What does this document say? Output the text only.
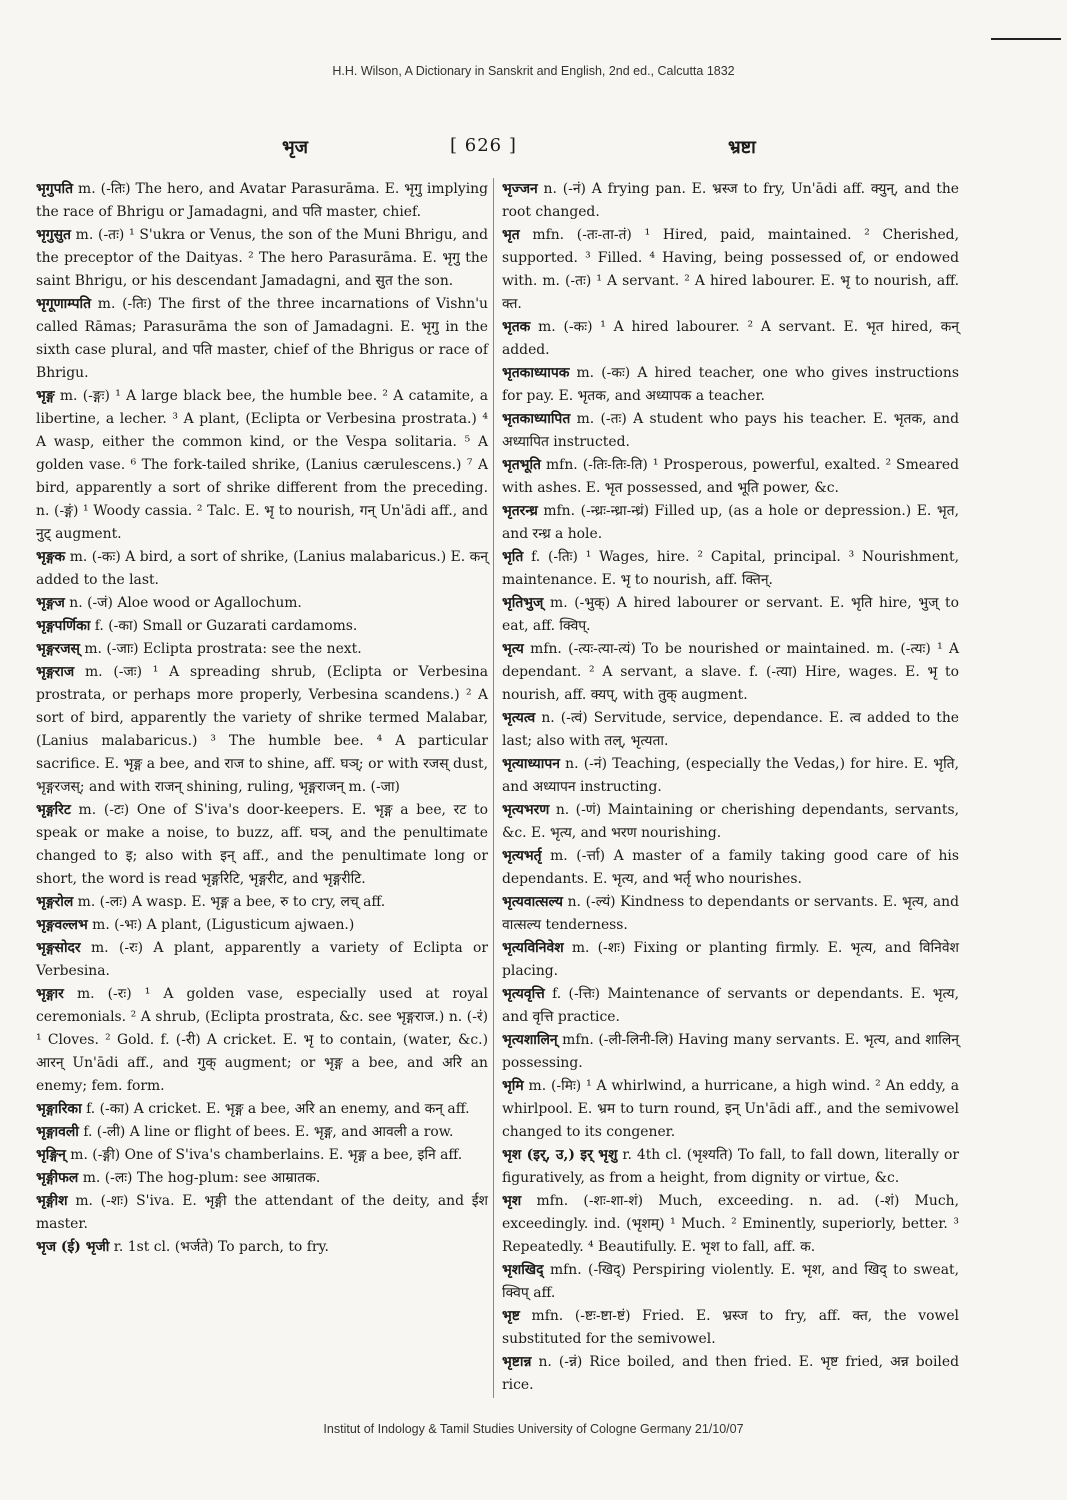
H.H. Wilson, A Dictionary in Sanskrit and English, 2nd ed., Calcutta 1832
भृज	[ 626 ]	भ्रष्टा

भृगुपति m. (-तिः) The hero, and Avatar Parasurāma. E. भृगु implying the race of Bhrigu or Jamadagni, and पति master, chief.

भृगुसुत m. (-तः) ¹ S'ukra or Venus, the son of the Muni Bhrigu, and the preceptor of the Daityas. ² The hero Parasurāma. E. भृगु the saint Bhrigu, or his descendant Jamadagni, and सुत the son.

भृगूणाम्पति m. (-तिः) The first of the three incarnations of Vishn'u called Rāmas; Parasurāma the son of Jamadagni. E. भृगु in the sixth case plural, and पति master, chief of the Bhrigus or race of Bhrigu.

भृङ्ग m. (-ङ्गः) ¹ A large black bee, the humble bee. ² A catamite, a libertine, a lecher. ³ A plant, (Eclipta or Verbesina prostrata.) ⁴ A wasp, either the common kind, or the Vespa solitaria. ⁵ A golden vase. ⁶ The fork-tailed shrike, (Lanius cærulescens.) ⁷ A bird, apparently a sort of shrike different from the preceding. n. (-ङ्गं) ¹ Woody cassia. ² Talc. E. भृ to nourish, गन् Un'ādi aff., and नुट् augment.

भृङ्गक m. (-कः) A bird, a sort of shrike, (Lanius malabaricus.) E. कन् added to the last.

भृङ्गज n. (-जं) Aloe wood or Agallochum.

भृङ्गपर्णिका f. (-का) Small or Guzarati cardamoms.

भृङ्गरजस् m. (-जाः) Eclipta prostrata: see the next.

भृङ्गराज m. (-जः) ¹ A spreading shrub, (Eclipta or Verbesina prostrata, or perhaps more properly, Verbesina scandens.) ² A sort of bird, apparently the variety of shrike termed Malabar, (Lanius malabaricus.) ³ The humble bee. ⁴ A particular sacrifice. E. भृङ्ग a bee, and राज to shine, aff. घञ्; or with रजस् dust, भृङ्गरजस्; and with राजन् shining, ruling, भृङ्गराजन् m. (-जा)

भृङ्गरिट m. (-टः) One of S'iva's door-keepers. E. भृङ्ग a bee, रट to speak or make a noise, to buzz, aff. घञ्, and the penultimate changed to इ; also with इन् aff., and the penultimate long or short, the word is read भृङ्गरिटि, भृङ्गरीट, and भृङ्गरीटि.

भृङ्गरोल m. (-लः) A wasp. E. भृङ्ग a bee, रु to cry, लच् aff.

भृङ्गवल्लभ m. (-भः) A plant, (Ligusticum ajwaen.)

भृङ्गसोदर m. (-रः) A plant, apparently a variety of Eclipta or Verbesina.

भृङ्गार m. (-रः) ¹ A golden vase, especially used at royal ceremonials. ² A shrub, (Eclipta prostrata, &c. see भृङ्गराज.) n. (-रं) ¹ Cloves. ² Gold. f. (-री) A cricket. E. भृ to contain, (water, &c.) आरन् Un'ādi aff., and गुक् augment; or भृङ्ग a bee, and अरि an enemy; fem. form.

भृङ्गारिका f. (-का) A cricket. E. भृङ्ग a bee, अरि an enemy, and कन् aff.

भृङ्गावली f. (-ली) A line or flight of bees. E. भृङ्ग, and आवली a row.

भृङ्गिन् m. (-ङ्गी) One of S'iva's chamberlains. E. भृङ्ग a bee, इनि aff.

भृङ्गीफल m. (-लः) The hog-plum: see आम्रातक.

भृङ्गीश m. (-शः) S'iva. E. भृङ्गी the attendant of the deity, and ईश master.

भृज (ई) भृजी r. 1st cl. (भर्जते) To parch, to fry.

भृज्जन n. (-नं) A frying pan. E. भ्रस्ज to fry, Un'ādi aff. क्युन्, and the root changed.

भृत mfn. (-तः-ता-तं) ¹ Hired, paid, maintained. ² Cherished, supported. ³ Filled. ⁴ Having, being possessed of, or endowed with. m. (-तः) ¹ A servant. ² A hired labourer. E. भृ to nourish, aff. क्त.

भृतक m. (-कः) ¹ A hired labourer. ² A servant. E. भृत hired, कन् added.

भृतकाध्यापक m. (-कः) A hired teacher, one who gives instructions for pay. E. भृतक, and अध्यापक a teacher.

भृतकाध्यापित m. (-तः) A student who pays his teacher. E. भृतक, and अध्यापित instructed.

भृतभूति mfn. (-तिः-तिः-ति) ¹ Prosperous, powerful, exalted. ² Smeared with ashes. E. भृत possessed, and भूति power, &c.

भृतरन्ध्र mfn. (-न्ध्रः-न्ध्रा-न्ध्रं) Filled up, (as a hole or depression.) E. भृत, and रन्ध्र a hole.

भृति f. (-तिः) ¹ Wages, hire. ² Capital, principal. ³ Nourishment, maintenance. E. भृ to nourish, aff. क्तिन्.

भृतिभुज् m. (-भुक्) A hired labourer or servant. E. भृति hire, भुज् to eat, aff. क्विप्.

भृत्य mfn. (-त्यः-त्या-त्यं) To be nourished or maintained. m. (-त्यः) ¹ A dependant. ² A servant, a slave. f. (-त्या) Hire, wages. E. भृ to nourish, aff. क्यप्, with तुक् augment.

भृत्यत्व n. (-त्वं) Servitude, service, dependance. E. त्व added to the last; also with तल्, भृत्यता.

भृत्याध्यापन n. (-नं) Teaching, (especially the Vedas,) for hire. E. भृति, and अध्यापन instructing.

भृत्यभरण n. (-णं) Maintaining or cherishing dependants, servants, &c. E. भृत्य, and भरण nourishing.

भृत्यभर्तृ m. (-र्त्ता) A master of a family taking good care of his dependants. E. भृत्य, and भर्तृ who nourishes.

भृत्यवात्सल्य n. (-ल्यं) Kindness to dependants or servants. E. भृत्य, and वात्सल्य tenderness.

भृत्यविनिवेश m. (-शः) Fixing or planting firmly. E. भृत्य, and विनिवेश placing.

भृत्यवृत्ति f. (-त्तिः) Maintenance of servants or dependants. E. भृत्य, and वृत्ति practice.

भृत्यशालिन् mfn. (-ली-लिनी-लि) Having many servants. E. भृत्य, and शालिन् possessing.

भृमि m. (-मिः) ¹ A whirlwind, a hurricane, a high wind. ² An eddy, a whirlpool. E. भ्रम to turn round, इन् Un'ādi aff., and the semivowel changed to its congener.

भृश (इर्, उ,) इर् भृशु r. 4th cl. (भृश्यति) To fall, to fall down, literally or figuratively, as from a height, from dignity or virtue, &c.

भृश mfn. (-शः-शा-शं) Much, exceeding. n. ad. (-शं) Much, exceedingly. ind. (भृशम्) ¹ Much. ² Eminently, superiorly, better. ³ Repeatedly. ⁴ Beautifully. E. भृश to fall, aff. क.

भृशखिद् mfn. (-खिद्) Perspiring violently. E. भृश, and खिद् to sweat, क्विप् aff.

भृष्ट mfn. (-ष्टः-ष्टा-ष्टं) Fried. E. भ्रस्ज to fry, aff. क्त, the vowel substituted for the semivowel.

भृष्टान्न n. (-न्नं) Rice boiled, and then fried. E. भृष्ट fried, अन्न boiled rice.

Institut of Indology & Tamil Studies University of Cologne Germany 21/10/07
